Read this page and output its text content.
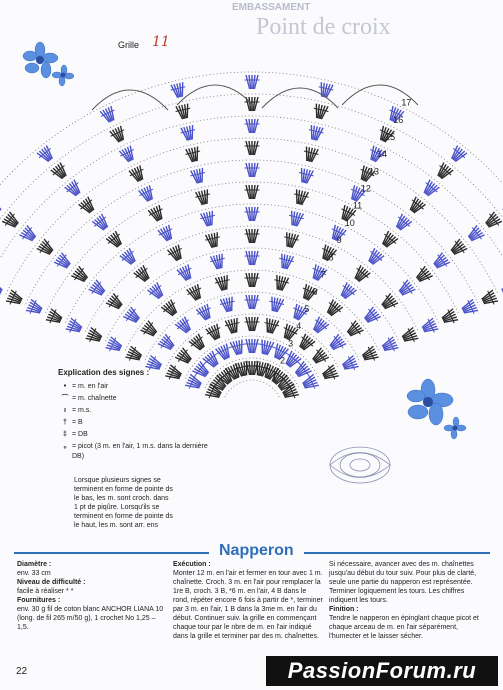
EMBASSAMENT
Point de croix
1
2
3
4
5
6
7
8
9
10
11
12
13
14
15
16
17
Grille 11
Explication des signes :
• = m. en l'air
⌒ = m. chaînette
ı = m.s.
† = B
‡ = DB
ₒ = picot (3 m. en l'air, 1 m.s. dans la dernière DB)
Lorsque plusieurs signes se terminent en forme de pointe ds le bas, les m. sont croch. dans 1 pt de piqûre. Lorsqu'ils se terminent en forme de pointe ds le haut, les m. sont arr. ens
Napperon
Diamètre :
env. 33 cm
Niveau de difficulté :
facile à réaliser * *
Fournitures :
env. 30 g fil de coton blanc ANCHOR LIANA 10 (long. de fil 265 m/50 g), 1 crochet No 1,25 – 1,5.
Exécution :
Monter 12 m. en l'air et fermer en tour avec 1 m. chaînette. Croch. 3 m. en l'air pour remplacer la 1re B, croch. 3 B, *6 m. en l'air, 4 B dans le rond, répéter encore 6 fois à partir de *, terminer par 3 m. en l'air, 1 B dans la 3me m. en l'air du début. Continuer suiv. la grille en commençant chaque tour par le nbre de m. en l'air indiqué dans la grille et terminer par des m. chaînettes.
Si nécessaire, avancer avec des m. chaînettes jusqu'au début du tour suiv. Pour plus de clarté, seule une partie du napperon est représentée. Terminer logiquement les tours. Les chiffres indiquent les tours.
Finition :
Tendre le napperon en épinglant chaque picot et chaque arceau de m. en l'air séparément, l'humecter et le laisser sécher.
22	PassionForum.ru
